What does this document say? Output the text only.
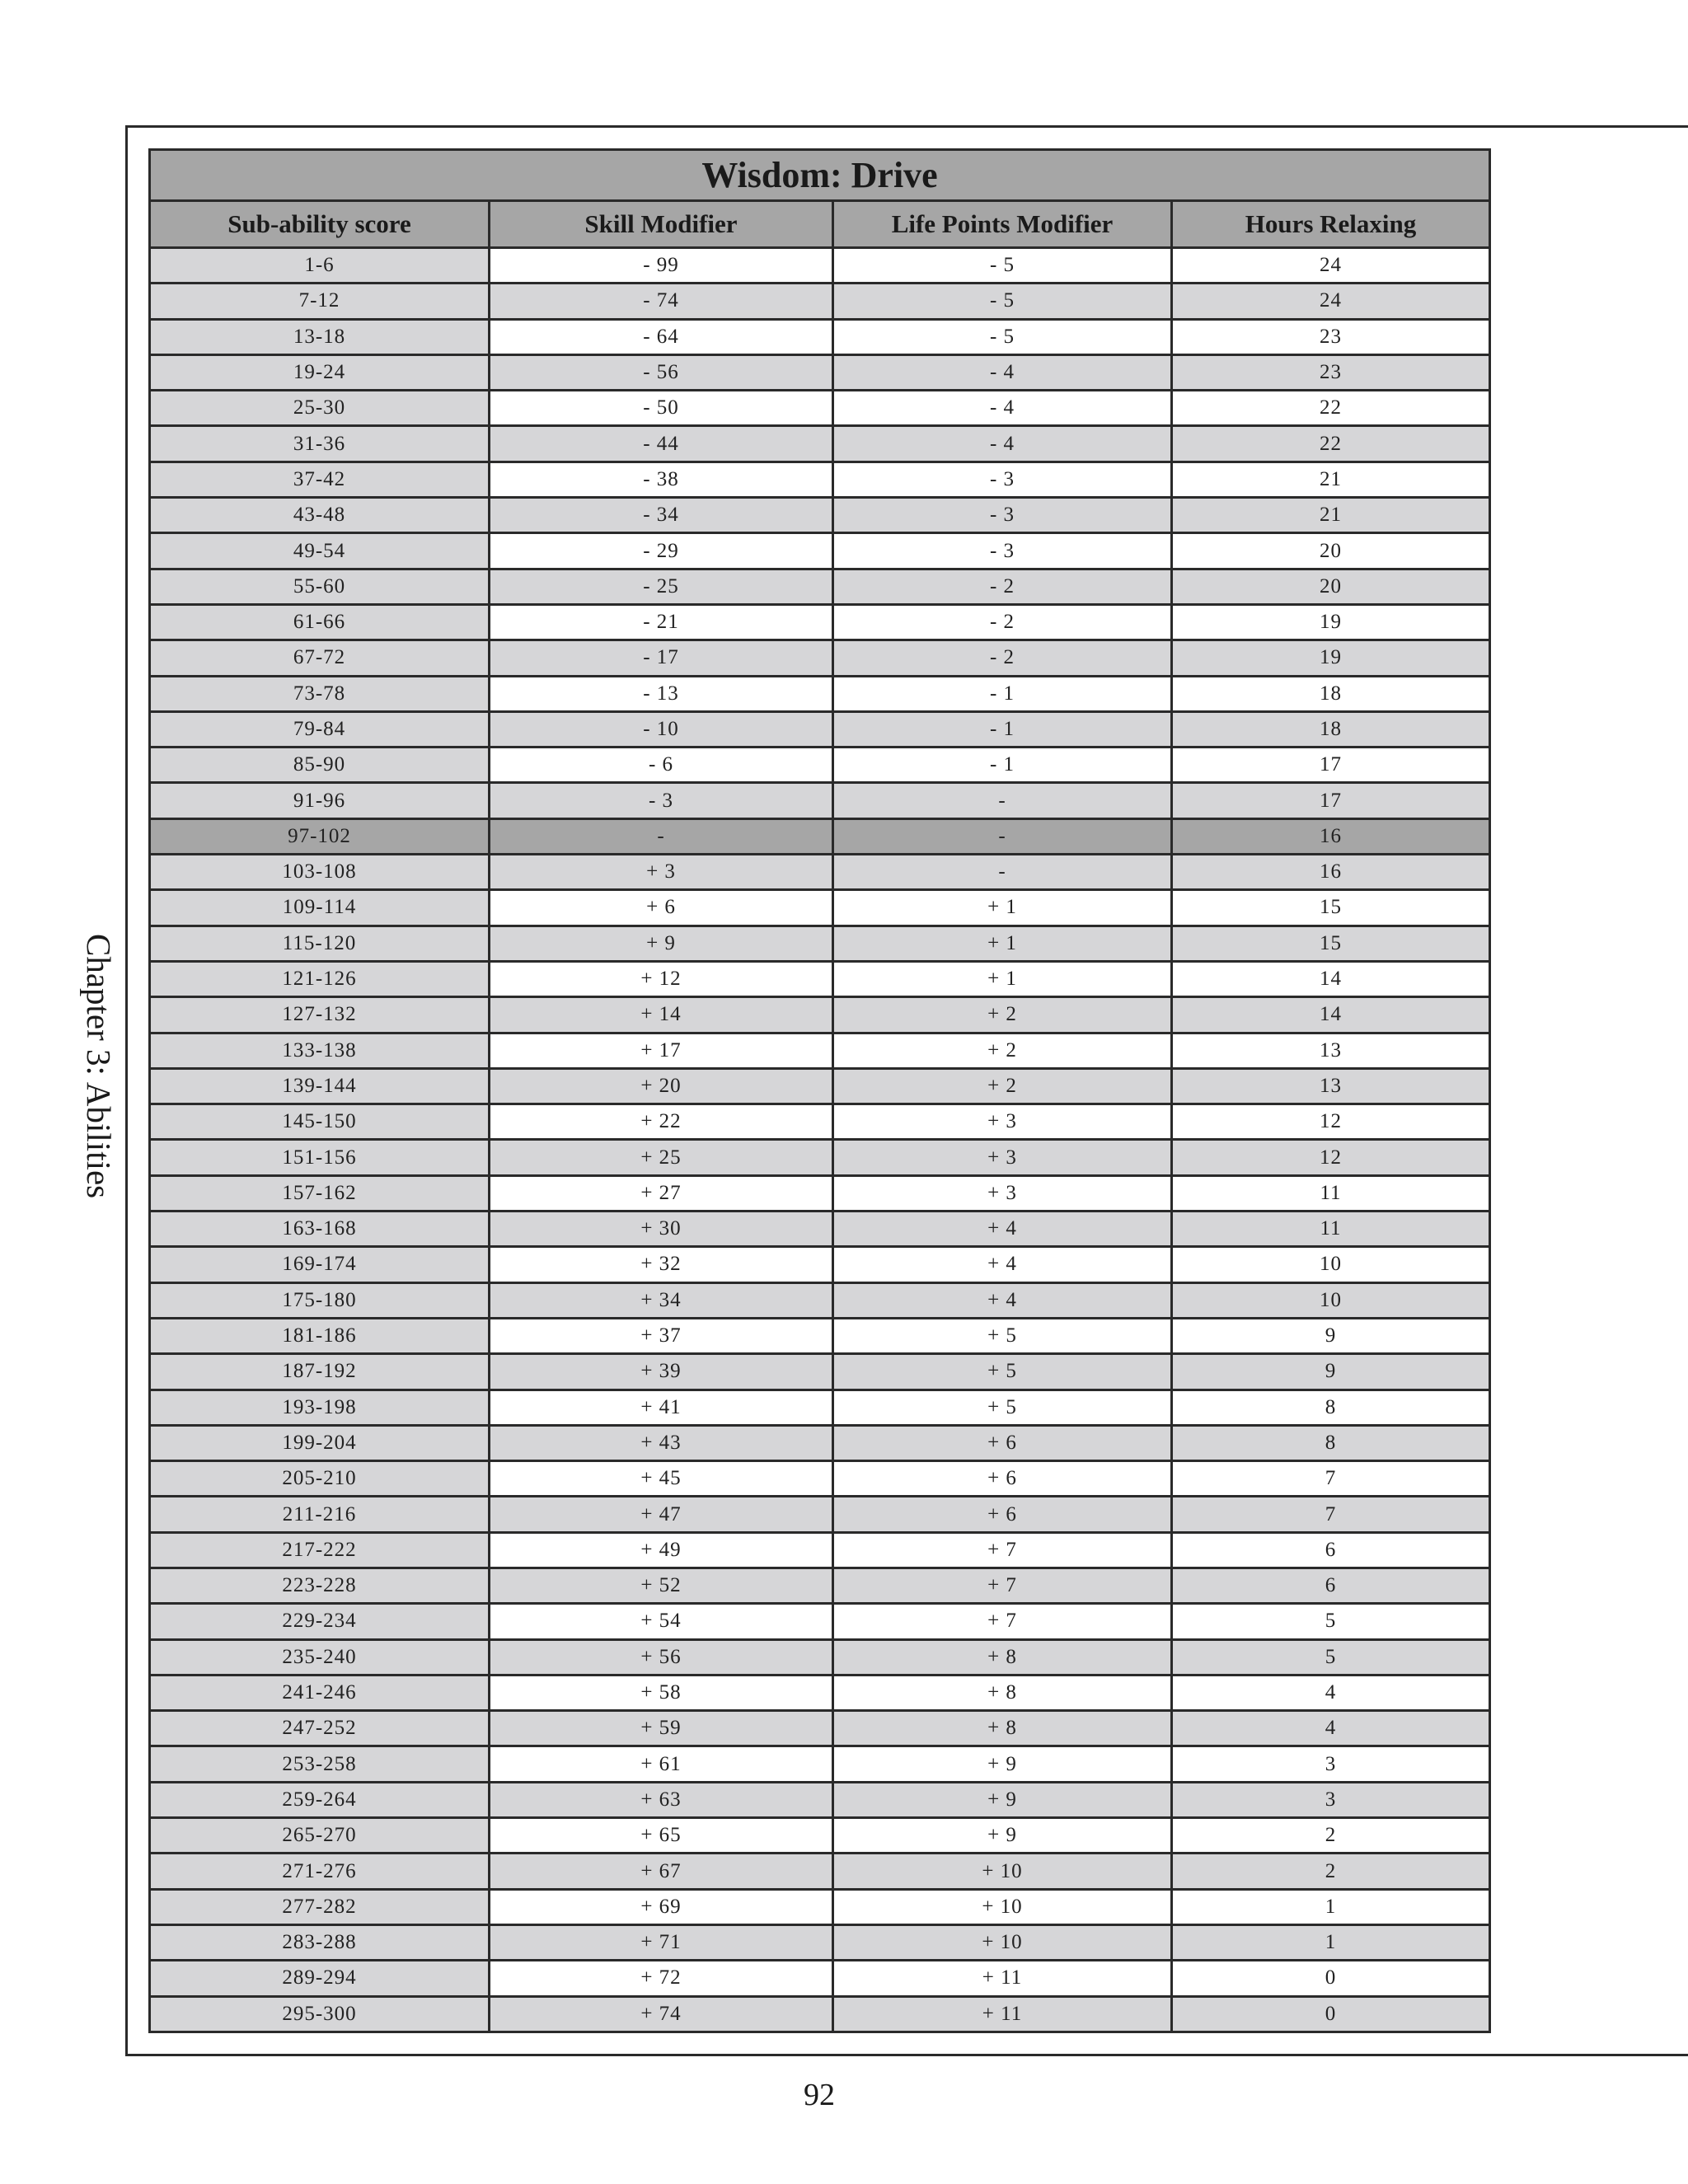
Chapter 3: Abilities
Wisdom: Drive			
Sub-ability score	Skill Modifier	Life Points Modifier	Hours Relaxing
1-6	- 99	- 5	24
7-12	- 74	- 5	24
13-18	- 64	- 5	23
19-24	- 56	- 4	23
25-30	- 50	- 4	22
31-36	- 44	- 4	22
37-42	- 38	- 3	21
43-48	- 34	- 3	21
49-54	- 29	- 3	20
55-60	- 25	- 2	20
61-66	- 21	- 2	19
67-72	- 17	- 2	19
73-78	- 13	- 1	18
79-84	- 10	- 1	18
85-90	- 6	- 1	17
91-96	- 3	-	17
97-102	-	-	16
103-108	+ 3	-	16
109-114	+ 6	+ 1	15
115-120	+ 9	+ 1	15
121-126	+ 12	+ 1	14
127-132	+ 14	+ 2	14
133-138	+ 17	+ 2	13
139-144	+ 20	+ 2	13
145-150	+ 22	+ 3	12
151-156	+ 25	+ 3	12
157-162	+ 27	+ 3	11
163-168	+ 30	+ 4	11
169-174	+ 32	+ 4	10
175-180	+ 34	+ 4	10
181-186	+ 37	+ 5	9
187-192	+ 39	+ 5	9
193-198	+ 41	+ 5	8
199-204	+ 43	+ 6	8
205-210	+ 45	+ 6	7
211-216	+ 47	+ 6	7
217-222	+ 49	+ 7	6
223-228	+ 52	+ 7	6
229-234	+ 54	+ 7	5
235-240	+ 56	+ 8	5
241-246	+ 58	+ 8	4
247-252	+ 59	+ 8	4
253-258	+ 61	+ 9	3
259-264	+ 63	+ 9	3
265-270	+ 65	+ 9	2
271-276	+ 67	+ 10	2
277-282	+ 69	+ 10	1
283-288	+ 71	+ 10	1
289-294	+ 72	+ 11	0
295-300	+ 74	+ 11	0
92
